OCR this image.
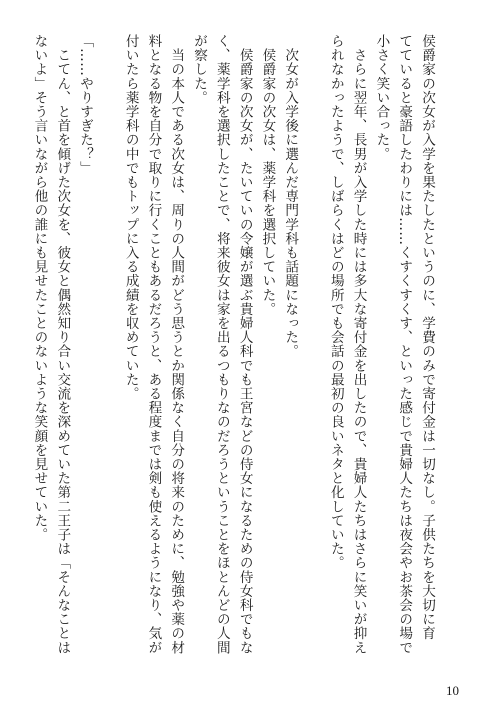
侯爵家の次女が入学を果たしたというのに、学費のみで寄付金は一切なし。子供たちを大切に育

てていると豪語したわりには……くすくすくす、といった感じで貴婦人たちは夜会やお茶会の場で

小さく笑い合った。

　さらに翌年、長男が入学した時には多大な寄付金を出したので、貴婦人たちはさらに笑いが抑え

られなかったようで、しばらくはどの場所でも会話の最初の良いネタと化していた。

　次女が入学後に選んだ専門学科も話題になった。

　侯爵家の次女は、薬学科を選択していた。

　侯爵家の次女が、たいていの令嬢が選ぶ貴婦人科でも王宮などの侍女になるための侍女科でもな

く、薬学科を選択したことで、将来彼女は家を出るつもりなのだろうということをほとんどの人間

が察した。

　当の本人である次女は、周りの人間がどう思うとか関係なく自分の将来のために、勉強や薬の材

料となる物を自分で取りに行くこともあるだろうと、ある程度までは剣も使えるようになり、気が

付いたら薬学科の中でもトップに入る成績を収めていた。

「……やりすぎた？」

　こてん、と首を傾げた次女を、彼女と偶然知り合い交流を深めていた第二王子は「そんなことは

ないよ」そう言いながら他の誰にも見せたことのないような笑顔を見せていた。

10
